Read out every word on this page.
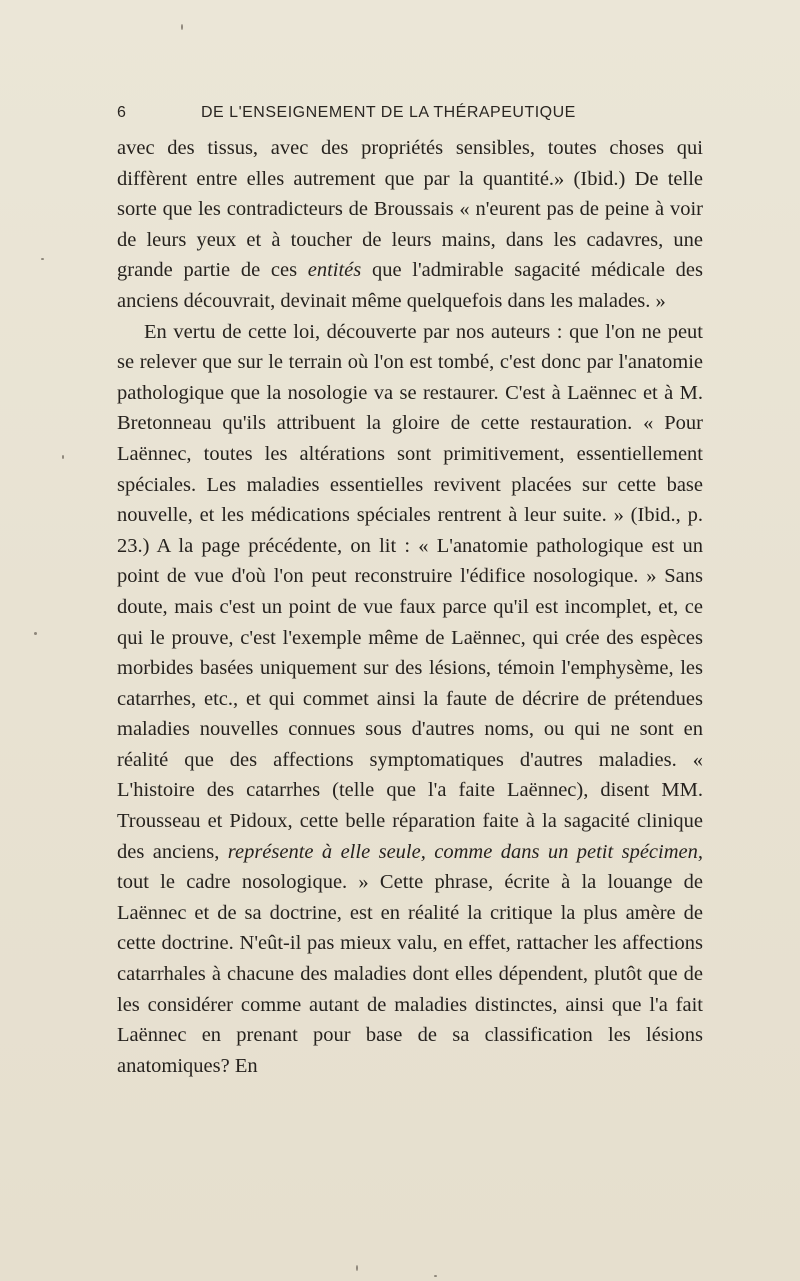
6	DE L'ENSEIGNEMENT DE LA THÉRAPEUTIQUE

avec des tissus, avec des propriétés sensibles, toutes choses qui diffèrent entre elles autrement que par la quantité.» (Ibid.) De telle sorte que les contradicteurs de Broussais « n'eurent pas de peine à voir de leurs yeux et à toucher de leurs mains, dans les cadavres, une grande partie de ces entités que l'admirable sagacité médicale des anciens découvrait, devinait même quelquefois dans les malades. »

En vertu de cette loi, découverte par nos auteurs : que l'on ne peut se relever que sur le terrain où l'on est tombé, c'est donc par l'anatomie pathologique que la nosologie va se restaurer. C'est à Laënnec et à M. Bretonneau qu'ils attribuent la gloire de cette restauration. « Pour Laënnec, toutes les altérations sont primitivement, essentiellement spéciales. Les maladies essentielles revivent placées sur cette base nouvelle, et les médications spéciales rentrent à leur suite. » (Ibid., p. 23.) A la page précédente, on lit : « L'anatomie pathologique est un point de vue d'où l'on peut reconstruire l'édifice nosologique. » Sans doute, mais c'est un point de vue faux parce qu'il est incomplet, et, ce qui le prouve, c'est l'exemple même de Laënnec, qui crée des espèces morbides basées uniquement sur des lésions, témoin l'emphysème, les catarrhes, etc., et qui commet ainsi la faute de décrire de prétendues maladies nouvelles connues sous d'autres noms, ou qui ne sont en réalité que des affections symptomatiques d'autres maladies. « L'histoire des catarrhes (telle que l'a faite Laënnec), disent MM. Trousseau et Pidoux, cette belle réparation faite à la sagacité clinique des anciens, représente à elle seule, comme dans un petit spécimen, tout le cadre nosologique. » Cette phrase, écrite à la louange de Laënnec et de sa doctrine, est en réalité la critique la plus amère de cette doctrine. N'eût-il pas mieux valu, en effet, rattacher les affections catarrhales à chacune des maladies dont elles dépendent, plutôt que de les considérer comme autant de maladies distinctes, ainsi que l'a fait Laënnec en prenant pour base de sa classification les lésions anatomiques? En
